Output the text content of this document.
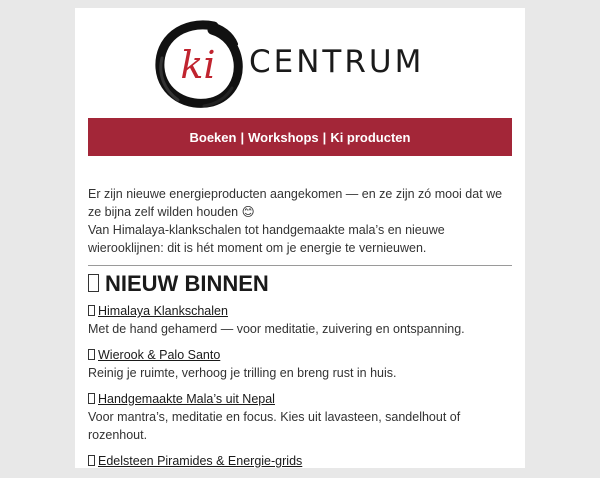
ki CENTRUM
Boeken | Workshops | Ki producten

Er zijn nieuwe energieproducten aangekomen — en ze zijn zó mooi dat we ze bijna zelf wilden houden 😊

Van Himalaya-klankschalen tot handgemaakte mala’s en nieuwe wierooklijnen: dit is hét moment om je energie te vernieuwen.

NIEUW BINNEN
Himalaya Klankschalen
Met de hand gehamerd — voor meditatie, zuivering en ontspanning.
Wierook & Palo Santo
Reinig je ruimte, verhoog je trilling en breng rust in huis.
Handgemaakte Mala’s uit Nepal
Voor mantra’s, meditatie en focus. Kies uit lavasteen, sandelhout of rozenhout.
Edelsteen Piramides & Energie-grids
